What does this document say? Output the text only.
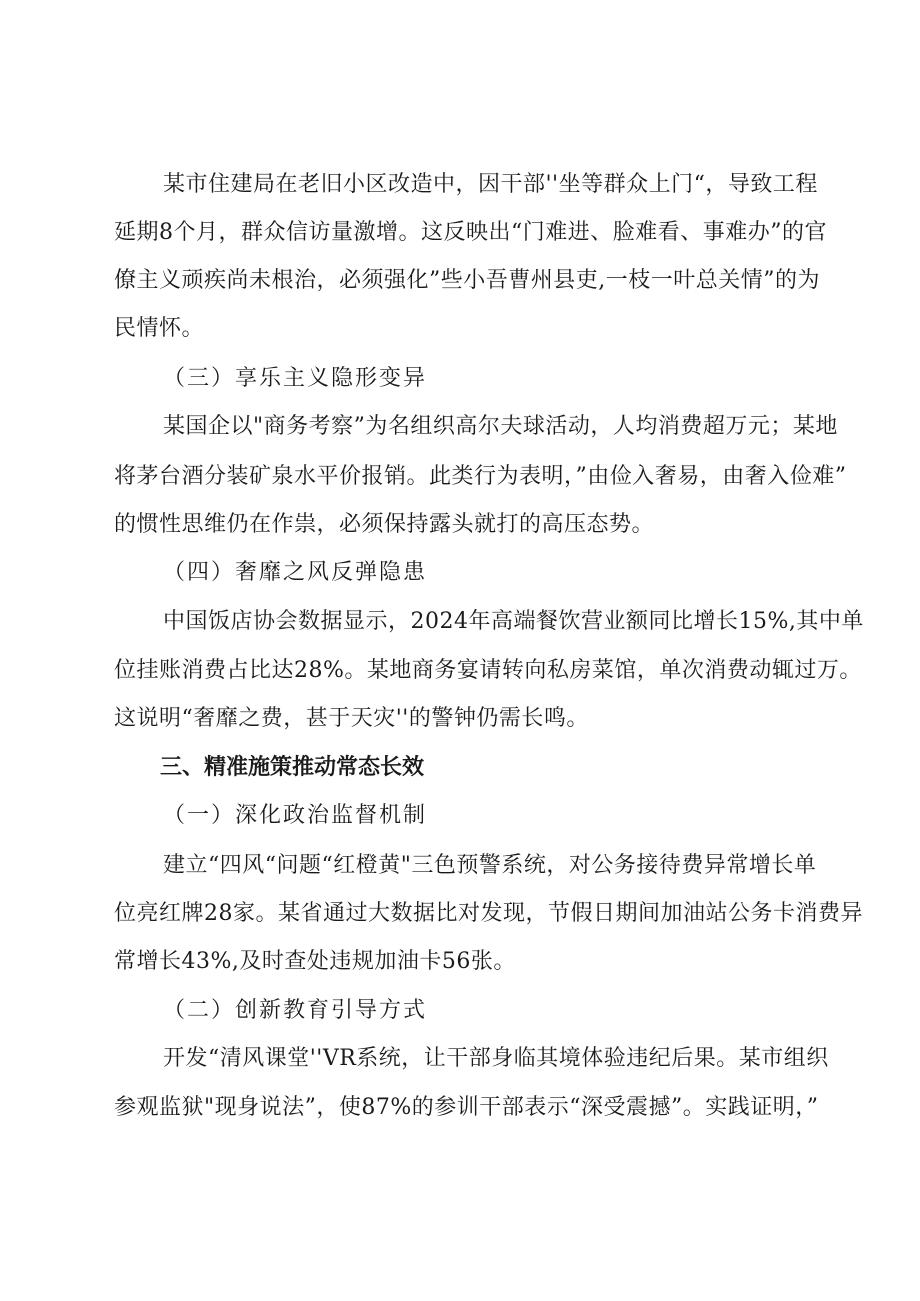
某市住建局在老旧小区改造中，因干部''坐等群众上门“，导致工程
延期8个月，群众信访量激增。这反映出“门难进、脸难看、事难办”的官
僚主义顽疾尚未根治，必须强化”些小吾曹州县吏,一枝一叶总关情”的为
民情怀。
（三）享乐主义隐形变异
某国企以"商务考察”为名组织高尔夫球活动，人均消费超万元；某地
将茅台酒分装矿泉水平价报销。此类行为表明，”由俭入奢易，由奢入俭难”
的惯性思维仍在作祟，必须保持露头就打的高压态势。
（四）奢靡之风反弹隐患
中国饭店协会数据显示，2024年高端餐饮营业额同比增长15%,其中单
位挂账消费占比达28%。某地商务宴请转向私房菜馆，单次消费动辄过万。
这说明“奢靡之费，甚于天灾''的警钟仍需长鸣。
三、精准施策推动常态长效
（一）深化政治监督机制
建立“四风“问题“红橙黄"三色预警系统，对公务接待费异常增长单
位亮红牌28家。某省通过大数据比对发现，节假日期间加油站公务卡消费异
常增长43%,及时查处违规加油卡56张。
（二）创新教育引导方式
开发“清风课堂''VR系统，让干部身临其境体验违纪后果。某市组织
参观监狱"现身说法”，使87%的参训干部表示“深受震撼”。实践证明，”
